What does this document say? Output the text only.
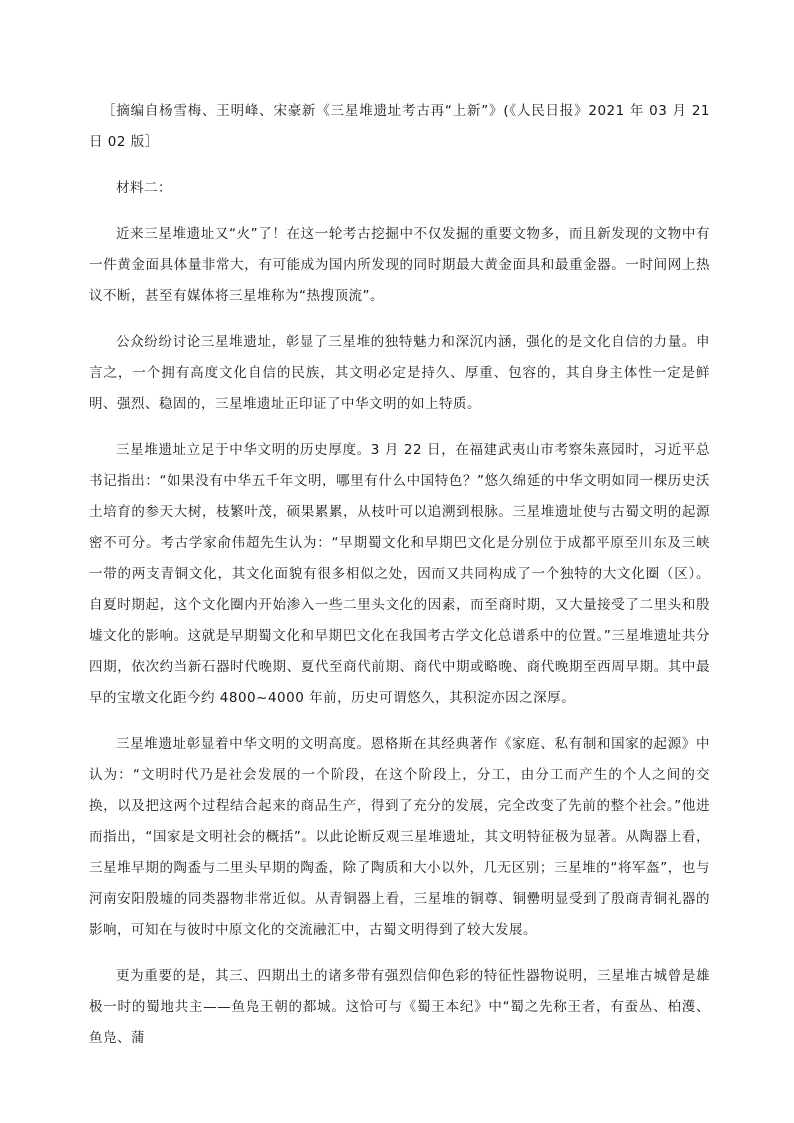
［摘编自杨雪梅、王明峰、宋豪新《三星堆遗址考古再“上新”》(《人民日报》2021 年 03 月 21 日 02 版］

材料二：

近来三星堆遗址又“火”了！在这一轮考古挖掘中不仅发掘的重要文物多，而且新发现的文物中有一件黄金面具体量非常大，有可能成为国内所发现的同时期最大黄金面具和最重金器。一时间网上热议不断，甚至有媒体将三星堆称为“热搜顶流”。

公众纷纷讨论三星堆遗址，彰显了三星堆的独特魅力和深沉内涵，强化的是文化自信的力量。申言之，一个拥有高度文化自信的民族，其文明必定是持久、厚重、包容的，其自身主体性一定是鲜明、强烈、稳固的，三星堆遗址正印证了中华文明的如上特质。

三星堆遗址立足于中华文明的历史厚度。3 月 22 日，在福建武夷山市考察朱熹园时，习近平总书记指出：“如果没有中华五千年文明，哪里有什么中国特色？”悠久绵延的中华文明如同一棵历史沃土培育的参天大树，枝繁叶茂，硕果累累，从枝叶可以追溯到根脉。三星堆遗址使与古蜀文明的起源密不可分。考古学家俞伟超先生认为：“早期蜀文化和早期巴文化是分别位于成都平原至川东及三峡一带的两支青铜文化，其文化面貌有很多相似之处，因而又共同构成了一个独特的大文化圈（区）。自夏时期起，这个文化圈内开始渗入一些二里头文化的因素，而至商时期，又大量接受了二里头和殷墟文化的影响。这就是早期蜀文化和早期巴文化在我国考古学文化总谱系中的位置。”三星堆遗址共分四期，依次约当新石器时代晚期、夏代至商代前期、商代中期或略晚、商代晚期至西周早期。其中最早的宝墩文化距今约 4800~4000 年前，历史可谓悠久，其积淀亦因之深厚。

三星堆遗址彰显着中华文明的文明高度。恩格斯在其经典著作《家庭、私有制和国家的起源》中认为：“文明时代乃是社会发展的一个阶段，在这个阶段上，分工，由分工而产生的个人之间的交换，以及把这两个过程结合起来的商品生产，得到了充分的发展，完全改变了先前的整个社会。”他进而指出，“国家是文明社会的概括”。以此论断反观三星堆遗址，其文明特征极为显著。从陶器上看，三星堆早期的陶盉与二里头早期的陶盉，除了陶质和大小以外，几无区别；三星堆的“将军盔”，也与河南安阳殷墟的同类器物非常近似。从青铜器上看，三星堆的铜尊、铜罍明显受到了殷商青铜礼器的影响，可知在与彼时中原文化的交流融汇中，古蜀文明得到了较大发展。

更为重要的是，其三、四期出土的诸多带有强烈信仰色彩的特征性器物说明，三星堆古城曾是雄极一时的蜀地共主——鱼凫王朝的都城。这恰可与《蜀王本纪》中“蜀之先称王者，有蚕丛、柏濩、鱼凫、蒲
